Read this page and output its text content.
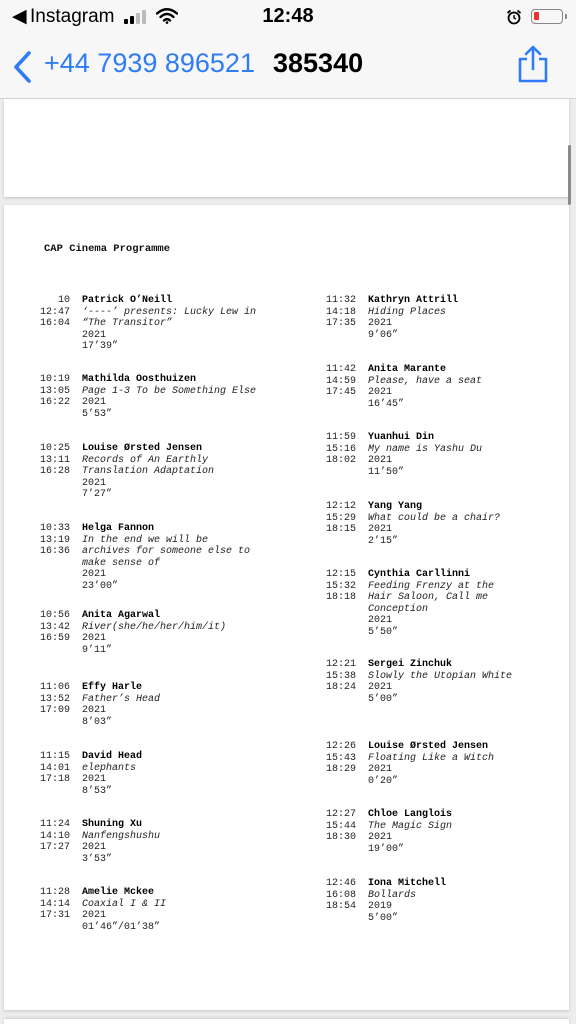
◀ Instagram	12:48
+44 7939 896521 385340
CAP Cinema Programme
10
12:47
16:04
Patrick O’Neill
‘----’ presents: Lucky Lew in
“The Transitor”
2021
17’39”
10:19
13:05
16:22
Mathilda Oosthuizen
Page 1-3 To be Something Else
2021
5’53”
10:25
13:11
16:28
Louise Ørsted Jensen
Records of An Earthly
Translation Adaptation
2021
7’27”
10:33
13:19
16:36
Helga Fannon
In the end we will be
archives for someone else to
make sense of
2021
23’00”
10:56
13:42
16:59
Anita Agarwal
River(she/he/her/him/it)
2021
9’11”
11:06
13:52
17:09
Effy Harle
Father’s Head
2021
8’03”
11:15
14:01
17:18
David Head
elephants
2021
8’53”
11:24
14:10
17:27
Shuning Xu
Nanfengshushu
2021
3’53”
11:28
14:14
17:31
Amelie Mckee
Coaxial I & II
2021
01’46”/01’38”
11:32
14:18
17:35
Kathryn Attrill
Hiding Places
2021
9’06”
11:42
14:59
17:45
Anita Marante
Please, have a seat
2021
16’45”
11:59
15:16
18:02
Yuanhui Din
My name is Yashu Du
2021
11’50”
12:12
15:29
18:15
Yang Yang
What could be a chair?
2021
2’15”
12:15
15:32
18:18
Cynthia Carllinni
Feeding Frenzy at the
Hair Saloon, Call me
Conception
2021
5’50”
12:21
15:38
18:24
Sergei Zinchuk
Slowly the Utopian White
2021
5’00”
12:26
15:43
18:29
Louise Ørsted Jensen
Floating Like a Witch
2021
0’20”
12:27
15:44
18:30
Chloe Langlois
The Magic Sign
2021
19’00”
12:46
16:08
18:54
Iona Mitchell
Bollards
2019
5’00”
